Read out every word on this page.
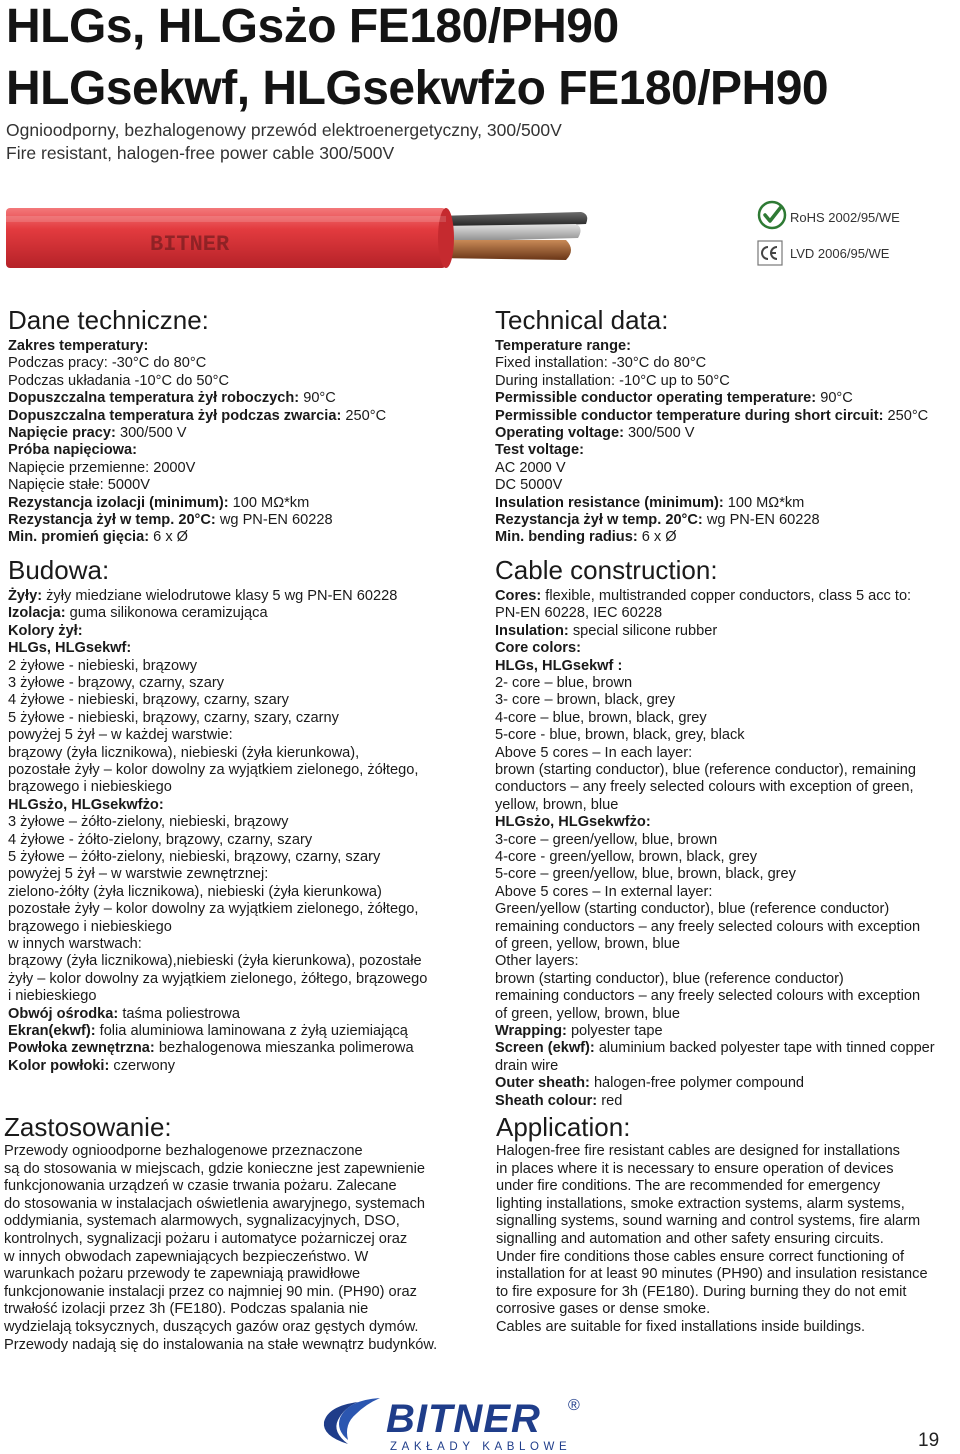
HLGs, HLGsżo FE180/PH90
HLGsekwf, HLGsekwfżo FE180/PH90
Ognioodporny, bezhalogenowy przewód elektroenergetyczny, 300/500V
Fire resistant, halogen-free power cable 300/500V
BITNER
RoHS 2002/95/WE
LVD 2006/95/WE
Dane techniczne:
Zakres temperatury:
Podczas pracy: -30°C do 80°C
Podczas układania -10°C do 50°C
Dopuszczalna temperatura żył roboczych: 90°C
Dopuszczalna temperatura żył podczas zwarcia: 250°C
Napięcie pracy: 300/500 V
Próba napięciowa:
Napięcie przemienne: 2000V
Napięcie stałe: 5000V
Rezystancja izolacji (minimum): 100 MΩ*km
Rezystancja żył w temp. 20°C: wg PN-EN 60228
Min. promień gięcia: 6 x Ø
Budowa:
Żyły: żyły miedziane wielodrutowe klasy 5 wg PN-EN 60228
Izolacja: guma silikonowa ceramizująca
Kolory żył:
HLGs, HLGsekwf:
2 żyłowe - niebieski, brązowy
3 żyłowe - brązowy, czarny, szary
4 żyłowe - niebieski, brązowy, czarny, szary
5 żyłowe - niebieski, brązowy, czarny, szary, czarny
powyżej 5 żył – w każdej warstwie:
brązowy (żyła licznikowa), niebieski (żyła kierunkowa),
pozostałe żyły – kolor dowolny za wyjątkiem zielonego, żółtego,
brązowego i niebieskiego
HLGsżo, HLGsekwfżo:
3 żyłowe – żółto-zielony, niebieski, brązowy
4 żyłowe - żółto-zielony, brązowy, czarny, szary
5 żyłowe – żółto-zielony, niebieski, brązowy, czarny, szary
powyżej 5 żył – w warstwie zewnętrznej:
zielono-żółty (żyła licznikowa), niebieski (żyła kierunkowa)
pozostałe żyły – kolor dowolny za wyjątkiem zielonego, żółtego,
brązowego i niebieskiego
w innych warstwach:
brązowy (żyła licznikowa),niebieski (żyła kierunkowa), pozostałe
żyły – kolor dowolny za wyjątkiem zielonego, żółtego, brązowego
i niebieskiego
Obwój ośrodka: taśma poliestrowa
Ekran(ekwf): folia aluminiowa laminowana z żyłą uziemiającą
Powłoka zewnętrzna: bezhalogenowa mieszanka polimerowa
Kolor powłoki: czerwony
Technical data:
Temperature range:
Fixed installation: -30°C do 80°C
During installation: -10°C up to 50°C
Permissible conductor operating temperature: 90°C
Permissible conductor temperature during short circuit: 250°C
Operating voltage: 300/500 V
Test voltage:
AC 2000 V
DC 5000V
Insulation resistance (minimum): 100 MΩ*km
Rezystancja żył w temp. 20°C: wg PN-EN 60228
Min. bending radius: 6 x Ø
Cable construction:
Cores: flexible, multistranded copper conductors, class 5 acc to:
PN-EN 60228, IEC 60228
Insulation: special silicone rubber
Core colors:
HLGs, HLGsekwf :
2- core – blue, brown
3- core – brown, black, grey
4-core – blue, brown, black, grey
5-core - blue, brown, black, grey, black
Above 5 cores – In each layer:
brown (starting conductor), blue (reference conductor), remaining
conductors – any freely selected colours with exception of green,
yellow, brown, blue
HLGsżo, HLGsekwfżo:
3-core – green/yellow, blue, brown
4-core - green/yellow, brown, black, grey
5-core – green/yellow, blue, brown, black, grey
Above 5 cores – In external layer:
Green/yellow (starting conductor), blue (reference conductor)
remaining conductors – any freely selected colours with exception
of green, yellow, brown, blue
Other layers:
brown (starting conductor), blue (reference conductor)
remaining conductors – any freely selected colours with exception
of green, yellow, brown, blue
Wrapping: polyester tape
Screen (ekwf): aluminium backed polyester tape with tinned copper
drain wire
Outer sheath: halogen-free polymer compound
Sheath colour: red
Zastosowanie:
Przewody ognioodporne bezhalogenowe przeznaczone
są do stosowania w miejscach, gdzie konieczne jest zapewnienie
funkcjonowania urządzeń w czasie trwania pożaru. Zalecane
do stosowania w instalacjach oświetlenia awaryjnego, systemach
oddymiania, systemach alarmowych, sygnalizacyjnych, DSO,
kontrolnych, sygnalizacji pożaru i automatyce pożarniczej oraz
w innych obwodach zapewniających bezpieczeństwo. W
warunkach pożaru przewody te zapewniają prawidłowe
funkcjonowanie instalacji przez co najmniej 90 min. (PH90) oraz
trwałość izolacji przez 3h (FE180). Podczas spalania nie
wydzielają toksycznych, duszących gazów oraz gęstych dymów.
Przewody nadają się do instalowania na stałe wewnątrz budynków.
Application:
Halogen-free fire resistant cables are designed for installations
in places where it is necessary to ensure operation of devices
under fire conditions. The are recommended for emergency
lighting installations, smoke extraction systems, alarm systems,
signalling systems, sound warning and control systems, fire alarm
signalling and automation and other safety ensuring circuits.
Under fire conditions those cables ensure correct functioning of
installation for at least 90 minutes (PH90) and insulation resistance
to fire exposure for 3h (FE180). During burning they do not emit
corrosive gases or dense smoke.
Cables are suitable for fixed installations inside buildings.
BITNER ®
ZAKŁADY KABLOWE	19
